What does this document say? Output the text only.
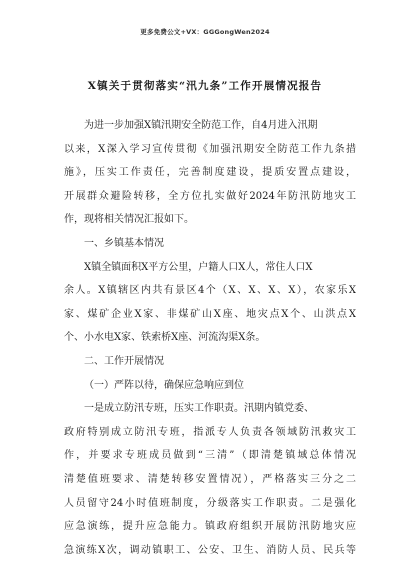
更多免费公文+VX：GGGongWen2024
X镇关于贯彻落实“汛九条”工作开展情况报告
为进一步加强X镇汛期安全防范工作，自4月进入汛期
以来，X深入学习宣传贯彻《加强汛期安全防范工作九条措
施》，压实工作责任，完善制度建设，提质安置点建设，
开展群众避险转移，全方位扎实做好2024年防汛防地灾工
作，现将相关情况汇报如下。
一、乡镇基本情况
X镇全镇面积X平方公里，户籍人口X人，常住人口X
余人。X镇辖区内共有景区4个（X、X、X、X），农家乐X
家、煤矿企业X家、非煤矿山X座、地灾点X个、山洪点X
个、小水电X家、铁索桥X座、河流沟渠X条。
二、工作开展情况
（一）严阵以待，确保应急响应到位
一是成立防汛专班，压实工作职责。汛期内镇党委、
政府特别成立防汛专班，指派专人负责各领域防汛救灾工
作，并要求专班成员做到“三清”（即清楚镇域总体情况
清楚值班要求、清楚转移安置情况），严格落实三分之二
人员留守24小时值班制度，分级落实工作职责。二是强化
应急演练，提升应急能力。镇政府组织开展防汛防地灾应
急演练X次，调动镇职工、公安、卫生、消防人员、民兵等
